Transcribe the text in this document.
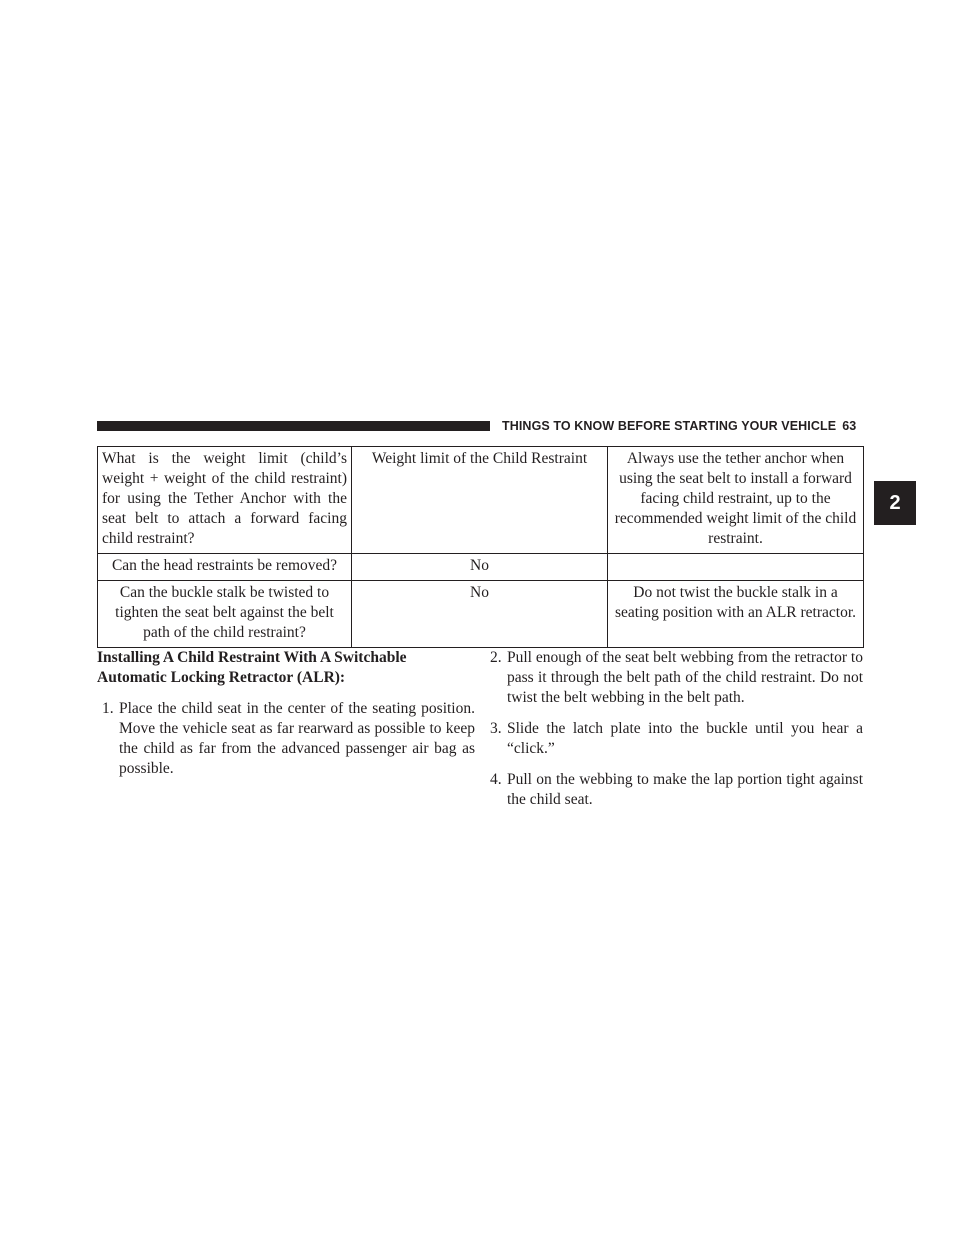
THINGS TO KNOW BEFORE STARTING YOUR VEHICLE 63
2
What is the weight limit (child’s weight + weight of the child restraint) for using the Tether Anchor with the seat belt to attach a forward facing child restraint?	Weight limit of the Child Restraint	Always use the tether anchor when using the seat belt to install a forward facing child restraint, up to the recommended weight limit of the child restraint.
Can the head restraints be removed?	No	
Can the buckle stalk be twisted to tighten the seat belt against the belt path of the child restraint?	No	Do not twist the buckle stalk in a seating position with an ALR retractor.
Installing A Child Restraint With A Switchable Automatic Locking Retractor (ALR):
1. Place the child seat in the center of the seating position. Move the vehicle seat as far rearward as possible to keep the child as far from the advanced passenger air bag as possible.
2. Pull enough of the seat belt webbing from the retractor to pass it through the belt path of the child restraint. Do not twist the belt webbing in the belt path.
3. Slide the latch plate into the buckle until you hear a “click.”
4. Pull on the webbing to make the lap portion tight against the child seat.
